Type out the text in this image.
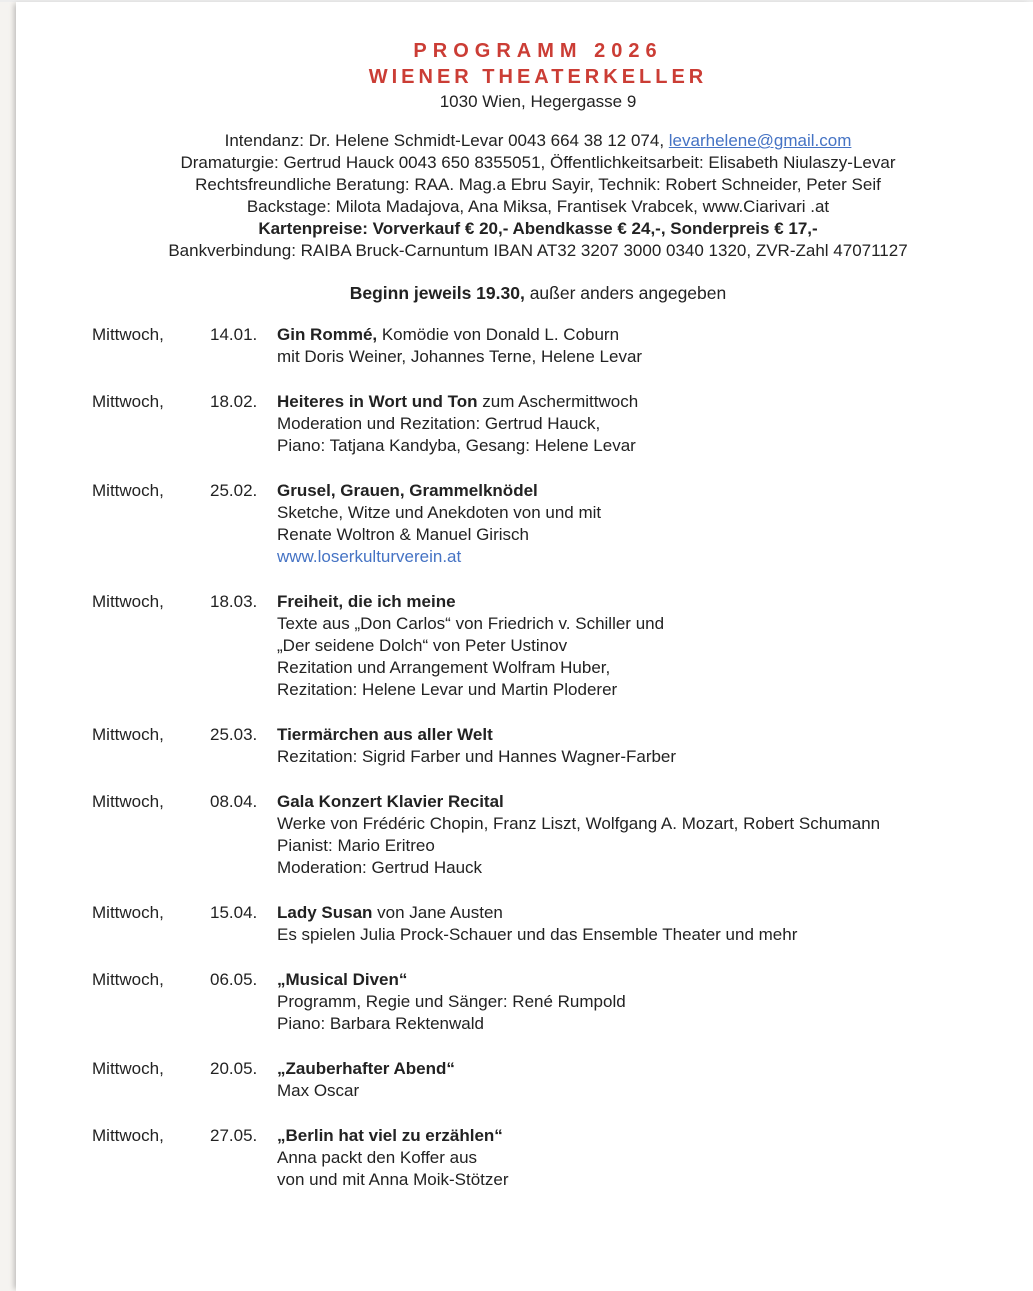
PROGRAMM 2026
WIENER THEATERKELLER
1030 Wien, Hegergasse 9

Intendanz: Dr. Helene Schmidt-Levar 0043 664 38 12 074, levarhelene@gmail.com

Dramaturgie: Gertrud Hauck 0043 650 8355051, Öffentlichkeitsarbeit: Elisabeth Niulaszy-Levar

Rechtsfreundliche Beratung: RAA. Mag.a Ebru Sayir, Technik: Robert Schneider, Peter Seif

Backstage: Milota Madajova, Ana Miksa, Frantisek Vrabcek, www.Ciarivari .at

Kartenpreise: Vorverkauf € 20,- Abendkasse € 24,-, Sonderpreis € 17,-

Bankverbindung: RAIBA Bruck-Carnuntum IBAN AT32 3207 3000 0340 1320, ZVR-Zahl 47071127

Beginn jeweils 19.30, außer anders angegeben

Mittwoch,	14.01.	Gin Rommé, Komödie von Donald L. Coburn
mit Doris Weiner, Johannes Terne, Helene Levar
Mittwoch,	18.02.	Heiteres in Wort und Ton zum Aschermittwoch
Moderation und Rezitation: Gertrud Hauck,
Piano: Tatjana Kandyba, Gesang: Helene Levar
Mittwoch,	25.02.	Grusel, Grauen, Grammelknödel
Sketche, Witze und Anekdoten von und mit
Renate Woltron & Manuel Girisch
www.loserkulturverein.at
Mittwoch,	18.03.	Freiheit, die ich meine
Texte aus „Don Carlos“ von Friedrich v. Schiller und
„Der seidene Dolch“ von Peter Ustinov
Rezitation und Arrangement Wolfram Huber,
Rezitation: Helene Levar und Martin Ploderer
Mittwoch,	25.03.	Tiermärchen aus aller Welt
Rezitation: Sigrid Farber und Hannes Wagner-Farber
Mittwoch,	08.04.	Gala Konzert Klavier Recital
Werke von Frédéric Chopin, Franz Liszt, Wolfgang A. Mozart, Robert Schumann
Pianist: Mario Eritreo
Moderation: Gertrud Hauck
Mittwoch,	15.04.	Lady Susan von Jane Austen
Es spielen Julia Prock-Schauer und das Ensemble Theater und mehr
Mittwoch,	06.05.	„Musical Diven“
Programm, Regie und Sänger: René Rumpold
Piano: Barbara Rektenwald
Mittwoch,	20.05.	„Zauberhafter Abend“
Max Oscar
Mittwoch,	27.05.	„Berlin hat viel zu erzählen“
Anna packt den Koffer aus
von und mit Anna Moik-Stötzer
